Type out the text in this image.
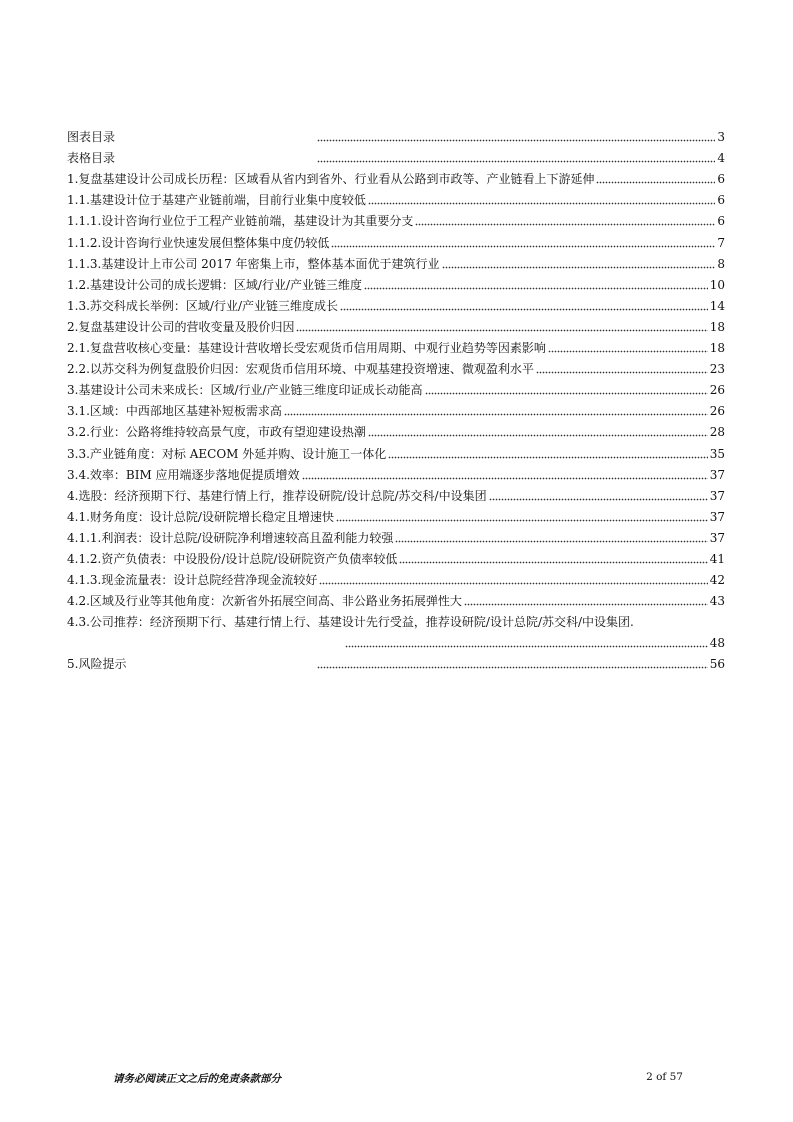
图表目录	3
表格目录	4
1.复盘基建设计公司成长历程：区域看从省内到省外、行业看从公路到市政等、产业链看上下游延伸	6
1.1.基建设计位于基建产业链前端，目前行业集中度较低	6
1.1.1.设计咨询行业位于工程产业链前端，基建设计为其重要分支	6
1.1.2.设计咨询行业快速发展但整体集中度仍较低	7
1.1.3.基建设计上市公司 2017 年密集上市，整体基本面优于建筑行业	8
1.2.基建设计公司的成长逻辑：区域/行业/产业链三维度	10
1.3.苏交科成长举例：区域/行业/产业链三维度成长	14
2.复盘基建设计公司的营收变量及股价归因	18
2.1.复盘营收核心变量：基建设计营收增长受宏观货币信用周期、中观行业趋势等因素影响	18
2.2.以苏交科为例复盘股价归因：宏观货币信用环境、中观基建投资增速、微观盈利水平	23
3.基建设计公司未来成长：区域/行业/产业链三维度印证成长动能高	26
3.1.区域：中西部地区基建补短板需求高	26
3.2.行业：公路将维持较高景气度，市政有望迎建设热潮	28
3.3.产业链角度：对标 AECOM 外延并购、设计施工一体化	35
3.4.效率：BIM 应用端逐步落地促提质增效	37
4.选股：经济预期下行、基建行情上行，推荐设研院/设计总院/苏交科/中设集团	37
4.1.财务角度：设计总院/设研院增长稳定且增速快	37
4.1.1.利润表：设计总院/设研院净利增速较高且盈利能力较强	37
4.1.2.资产负债表：中设股份/设计总院/设研院资产负债率较低	41
4.1.3.现金流量表：设计总院经营净现金流较好	42
4.2.区域及行业等其他角度：次新省外拓展空间高、非公路业务拓展弹性大	43
4.3.公司推荐：经济预期下行、基建行情上行、基建设计先行受益，推荐设研院/设计总院/苏交科/中设集团.
48
5.风险提示	56
请务必阅读正文之后的免责条款部分	2 of 57
